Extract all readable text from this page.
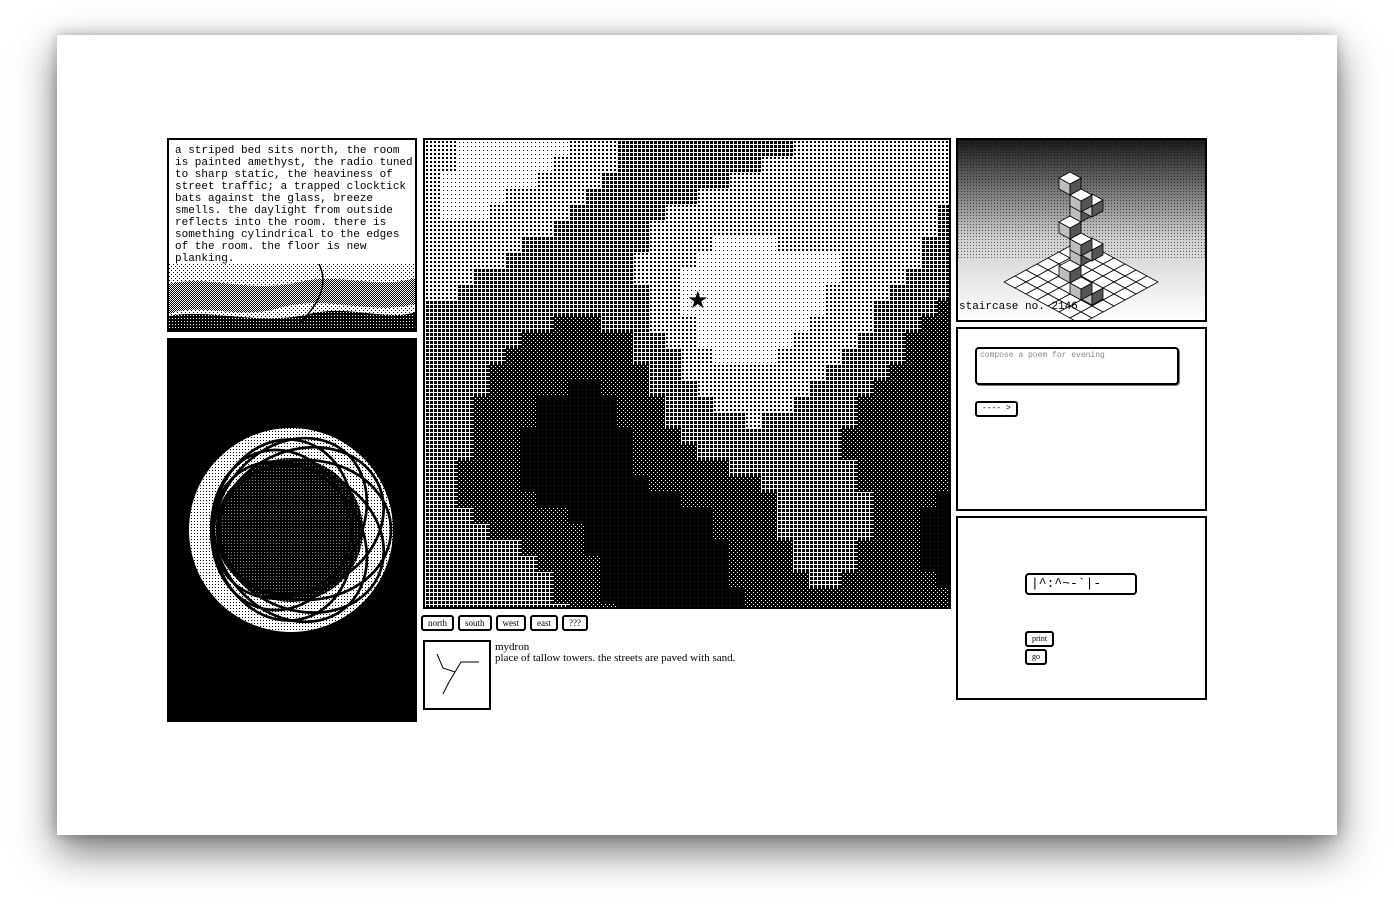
a striped bed sits north, the room
is painted amethyst, the radio tuned
to sharp static, the heaviness of
street traffic; a trapped clocktick
bats against the glass, breeze
smells. the daylight from outside
reflects into the room. there is
something cylindrical to the edges
of the room. the floor is new
planking.
★
north	south	west	east	???
mydron
place of tallow towers. the streets are paved with sand.
staircase no. 2146
compose a poem for evening
---- >
|^:^~-`|-
print
go
